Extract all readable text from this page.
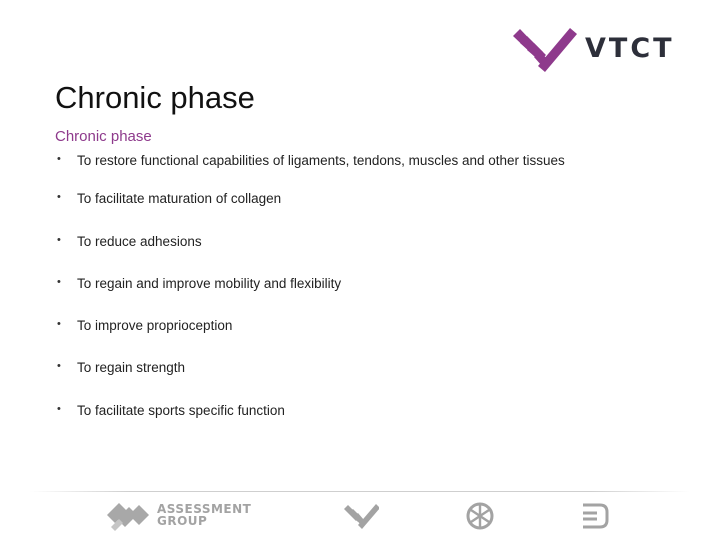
VTCT
Chronic phase
Chronic phase
• To restore functional capabilities of ligaments, tendons, muscles and other tissues
• To facilitate maturation of collagen
• To reduce adhesions
• To regain and improve mobility and flexibility
• To improve proprioception
• To regain strength
• To facilitate sports specific function
ASSESSMENT
GROUP
